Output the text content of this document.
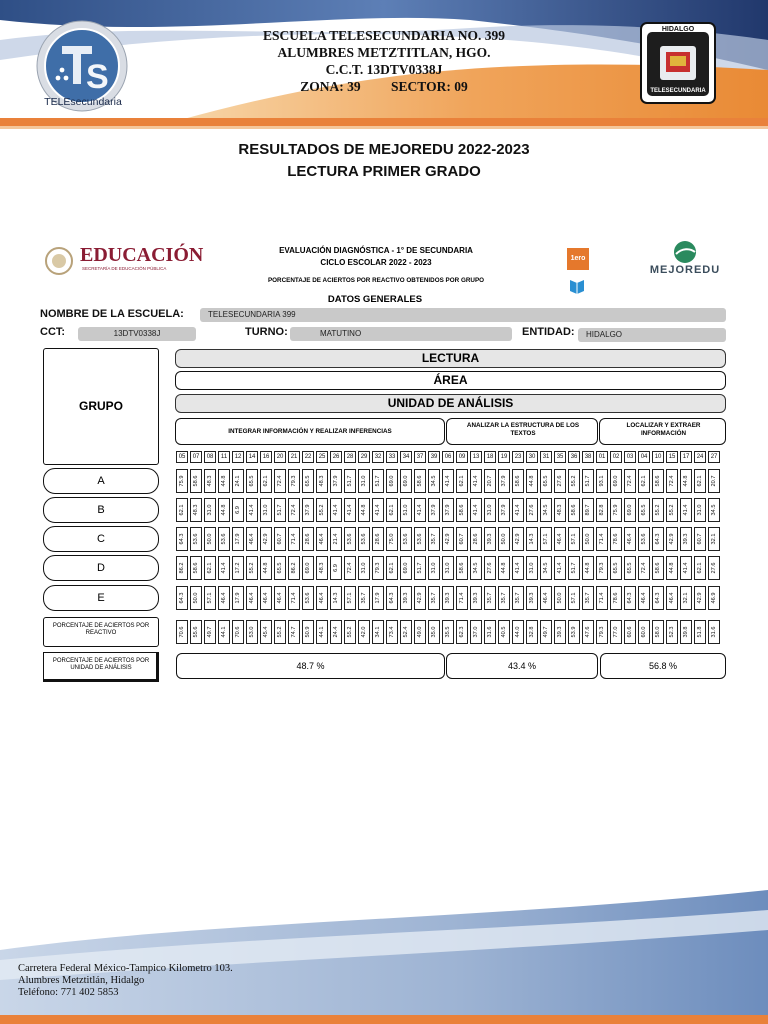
S
TELEsecundaria
HIDALGO
TELESECUNDARIA
ESCUELA TELESECUNDARIA NO. 399
ALUMBRES METZTITLAN, HGO.
C.C.T. 13DTV0338J
ZONA: 39 SECTOR: 09
RESULTADOS DE MEJOREDU 2022-2023
LECTURA PRIMER GRADO
EDUCACIÓN
SECRETARÍA DE EDUCACIÓN PÚBLICA
EVALUACIÓN DIAGNÓSTICA - 1° DE SECUNDARIA
CICLO ESCOLAR 2022 - 2023
PORCENTAJE DE ACIERTOS POR REACTIVO OBTENIDOS POR GRUPO
1ero
MEJOREDU
DATOS GENERALES
NOMBRE DE LA ESCUELA:	TELESECUNDARIA 399
CCT:	13DTV0338J	TURNO:	MATUTINO	ENTIDAD:	HIDALGO
GRUPO
LECTURA
ÁREA
UNIDAD DE ANÁLISIS
INTEGRAR INFORMACIÓN Y REALIZAR INFERENCIAS
ANALIZAR LA ESTRUCTURA DE LOS TEXTOS
LOCALIZAR Y EXTRAER INFORMACIÓN
05	07	08	11	12	14	16	20	21	22	25	26	28	29	32	33	34	37	39	06	09	13	18	19	23	30	31	35	36	38	01	02	03	04	10	15	17	24	27
A	75.9 58.6 48.3 44.8 24.1 65.5 62.1 72.4 79.3 65.5 48.3 37.9 51.7 31.0 51.7 69.0 69.0 58.6 34.5 41.4 62.1 41.4 20.7 37.9 58.6 44.8 65.5 27.6 55.2 51.7 93.1 69.0 72.4 62.1 58.6 72.4 44.8 62.1 20.7
B	62.1 48.3 31.0 44.8 6.9 41.4 31.0 51.7 72.4 37.9 55.2 41.4 41.4 44.8 41.4 62.1 51.0 41.4 37.9 37.9 58.6 41.4 31.0 37.9 41.4 27.6 34.5 48.3 58.6 89.7 82.8 75.9 69.0 65.5 55.2 55.2 41.4 31.0 34.5
C	64.3 53.6 50.0 53.6 17.9 46.4 42.9 60.7 71.4 28.6 46.4 21.4 53.6 53.6 28.6 75.0 53.6 53.6 35.7 42.9 60.7 28.6 39.3 50.0 42.9 14.3 57.1 46.4 57.1 50.0 71.4 78.6 46.4 53.6 64.3 42.9 39.3 60.7 32.1
D	86.2 58.6 62.1 41.4 17.2 55.2 44.8 65.5 86.2 69.0 48.3 6.9 72.4 31.0 79.3 62.1 69.0 51.7 31.0 31.0 58.6 34.5 27.6 44.8 41.4 31.0 34.5 41.4 51.7 44.8 79.3 65.5 65.5 72.4 58.6 44.8 41.4 62.1 27.6
E	64.3 50.0 57.1 46.4 17.9 46.4 46.4 46.4 71.4 53.6 46.4 14.3 57.1 35.7 17.9 64.3 39.3 42.9 35.7 39.3 71.4 39.3 35.7 35.7 35.7 39.3 46.4 50.0 57.1 35.7 71.4 78.6 64.3 46.4 64.3 46.4 32.1 42.9 46.9
70.6 55.6 49.7 44.1 70.6 53.0 45.4 55.2 74.7 50.9 44.1 24.4 55.2 42.0 34.1 73.4 52.4 49.0 35.0 35.5 62.3 37.0 31.6 40.5 44.0 32.8 49.7 39.3 53.9 47.6 79.3 77.0 60.6 60.0 58.0 52.3 39.8 51.8 31.6
PORCENTAJE DE ACIERTOS POR REACTIVO
PORCENTAJE DE ACIERTOS POR UNIDAD DE ANÁLISIS	48.7 %	43.4 %	56.8 %
Carretera Federal México-Tampico Kilometro 103.
Alumbres Metztitlán, Hidalgo
Teléfono: 771 402 5853
